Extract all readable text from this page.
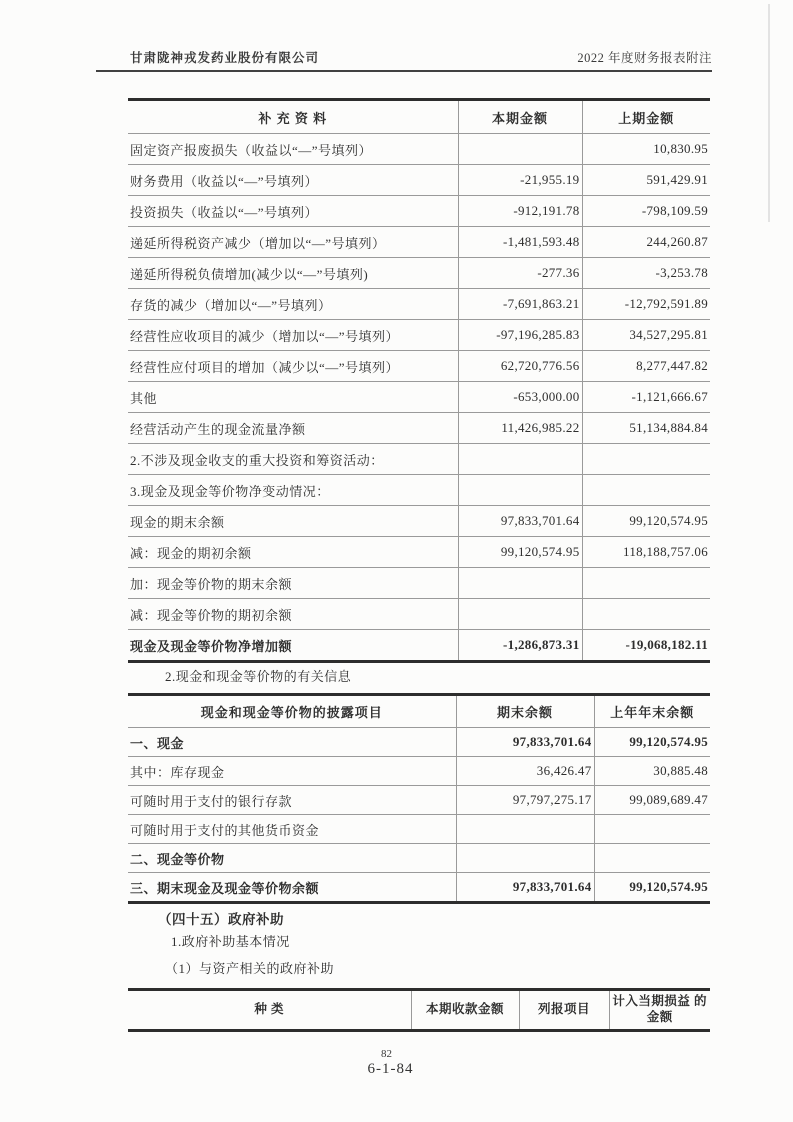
甘肃陇神戎发药业股份有限公司	2022 年度财务报表附注
补 充 资 料	本期金额	上期金额
固定资产报废损失（收益以“—”号填列）		10,830.95
财务费用（收益以“—”号填列）	-21,955.19	591,429.91
投资损失（收益以“—”号填列）	-912,191.78	-798,109.59
递延所得税资产减少（增加以“—”号填列）	-1,481,593.48	244,260.87
递延所得税负债增加(减少以“—”号填列)	-277.36	-3,253.78
存货的减少（增加以“—”号填列）	-7,691,863.21	-12,792,591.89
经营性应收项目的减少（增加以“—”号填列）	-97,196,285.83	34,527,295.81
经营性应付项目的增加（减少以“—”号填列）	62,720,776.56	8,277,447.82
其他	-653,000.00	-1,121,666.67
经营活动产生的现金流量净额	11,426,985.22	51,134,884.84
2.不涉及现金收支的重大投资和筹资活动：		
3.现金及现金等价物净变动情况：		
现金的期末余额	97,833,701.64	99,120,574.95
减：现金的期初余额	99,120,574.95	118,188,757.06
加：现金等价物的期末余额		
减：现金等价物的期初余额		
现金及现金等价物净增加额	-1,286,873.31	-19,068,182.11
2.现金和现金等价物的有关信息
现金和现金等价物的披露项目	期末余额	上年年末余额
一、现金	97,833,701.64	99,120,574.95
其中：库存现金	36,426.47	30,885.48
可随时用于支付的银行存款	97,797,275.17	99,089,689.47
可随时用于支付的其他货币资金		
二、现金等价物		
三、期末现金及现金等价物余额	97,833,701.64	99,120,574.95
（四十五）政府补助
1.政府补助基本情况
（1）与资产相关的政府补助
种 类	本期收款金额	列报项目	计入当期损益 的金额
82
6-1-84
